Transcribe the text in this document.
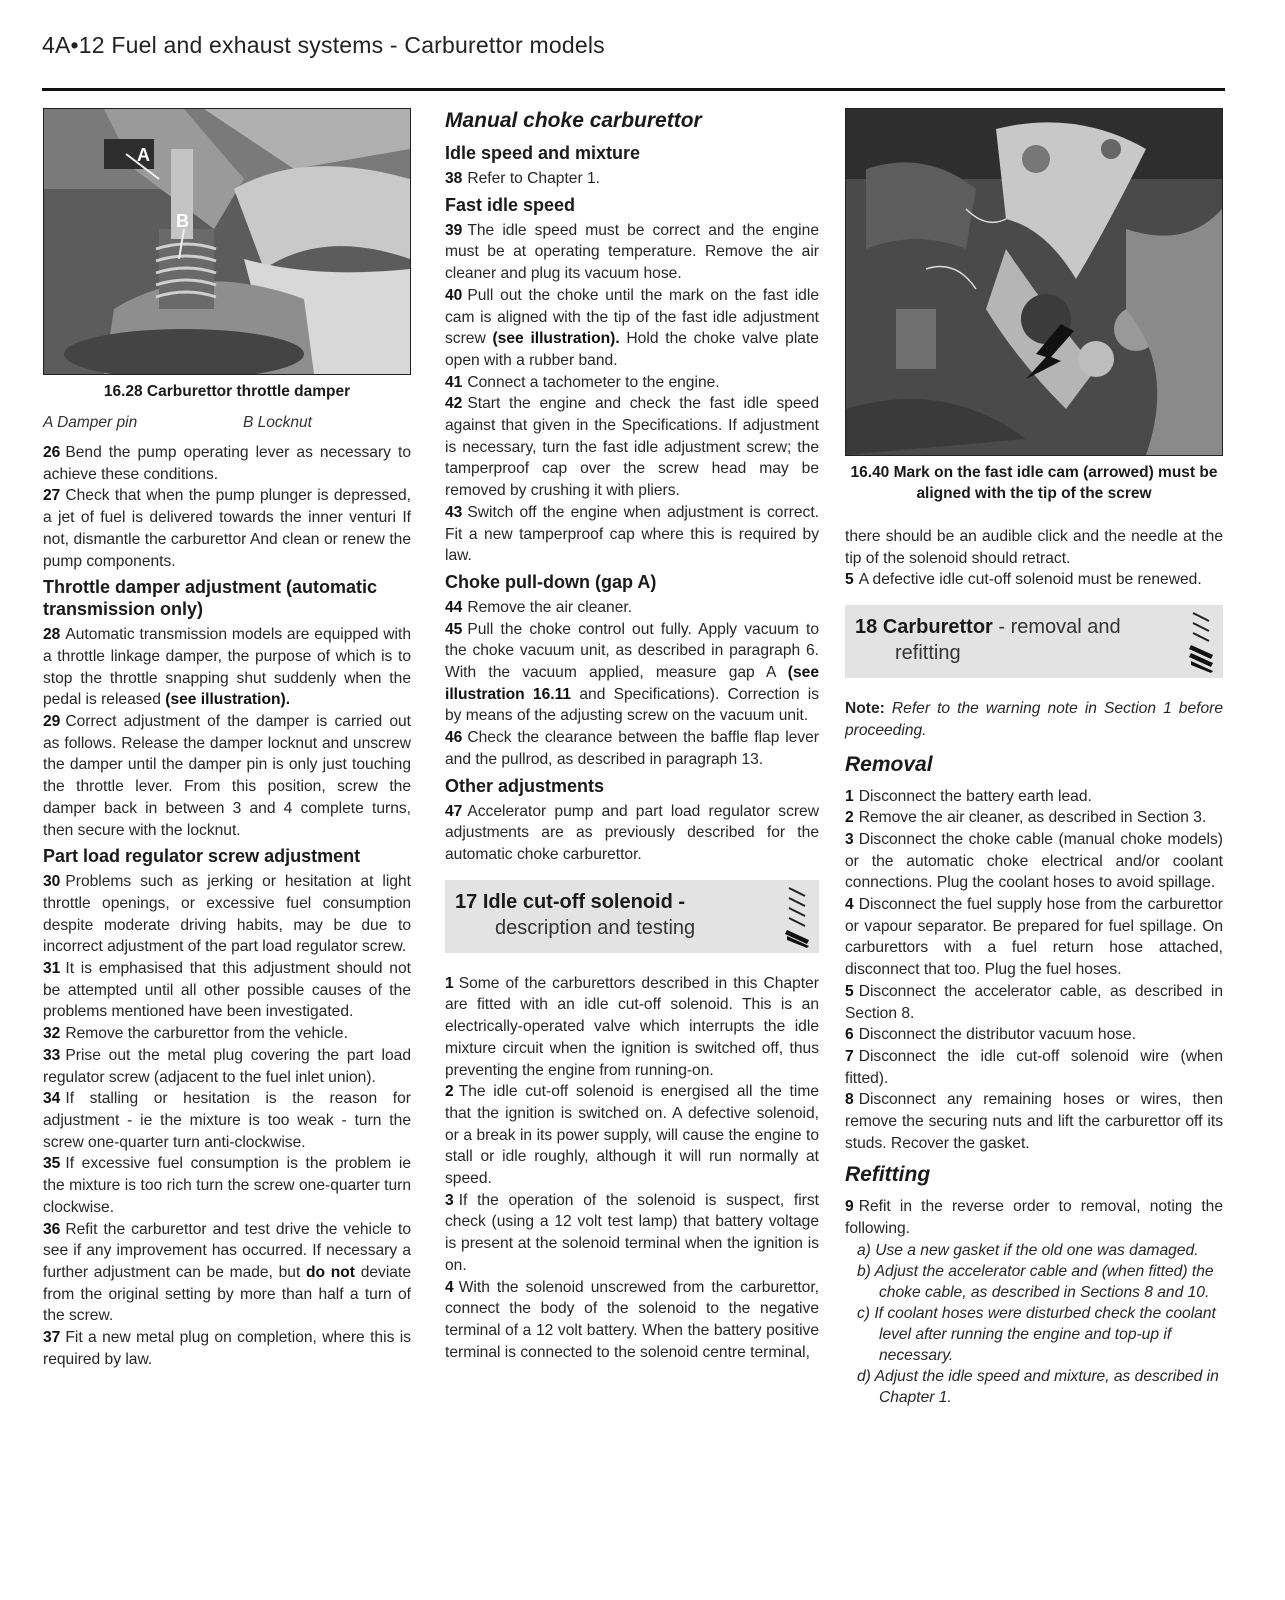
4A•12 Fuel and exhaust systems - Carburettor models
A
B
16.28 Carburettor throttle damper
A Damper pin	B Locknut

26 Bend the pump operating lever as necessary to achieve these conditions.

27 Check that when the pump plunger is depressed, a jet of fuel is delivered towards the inner venturi If not, dismantle the carburettor And clean or renew the pump components.

Throttle damper adjustment (automatic transmission only)

28 Automatic transmission models are equipped with a throttle linkage damper, the purpose of which is to stop the throttle snapping shut suddenly when the pedal is released (see illustration).

29 Correct adjustment of the damper is carried out as follows. Release the damper locknut and unscrew the damper until the damper pin is only just touching the throttle lever. From this position, screw the damper back in between 3 and 4 complete turns, then secure with the locknut.

Part load regulator screw adjustment

30 Problems such as jerking or hesitation at light throttle openings, or excessive fuel consumption despite moderate driving habits, may be due to incorrect adjustment of the part load regulator screw.

31 It is emphasised that this adjustment should not be attempted until all other possible causes of the problems mentioned have been investigated.

32 Remove the carburettor from the vehicle.

33 Prise out the metal plug covering the part load regulator screw (adjacent to the fuel inlet union).

34 If stalling or hesitation is the reason for adjustment - ie the mixture is too weak - turn the screw one-quarter turn anti-clockwise.

35 If excessive fuel consumption is the problem ie the mixture is too rich turn the screw one-quarter turn clockwise.

36 Refit the carburettor and test drive the vehicle to see if any improvement has occurred. If necessary a further adjustment can be made, but do not deviate from the original setting by more than half a turn of the screw.

37 Fit a new metal plug on completion, where this is required by law.

Manual choke carburettor
Idle speed and mixture

38 Refer to Chapter 1.

Fast idle speed

39 The idle speed must be correct and the engine must be at operating temperature. Remove the air cleaner and plug its vacuum hose.

40 Pull out the choke until the mark on the fast idle cam is aligned with the tip of the fast idle adjustment screw (see illustration). Hold the choke valve plate open with a rubber band.

41 Connect a tachometer to the engine.

42 Start the engine and check the fast idle speed against that given in the Specifications. If adjustment is necessary, turn the fast idle adjustment screw; the tamperproof cap over the screw head may be removed by crushing it with pliers.

43 Switch off the engine when adjustment is correct. Fit a new tamperproof cap where this is required by law.

Choke pull-down (gap A)

44 Remove the air cleaner.

45 Pull the choke control out fully. Apply vacuum to the choke vacuum unit, as described in paragraph 6. With the vacuum applied, measure gap A (see illustration 16.11 and Specifications). Correction is by means of the adjusting screw on the vacuum unit.

46 Check the clearance between the baffle flap lever and the pullrod, as described in paragraph 13.

Other adjustments

47 Accelerator pump and part load regulator screw adjustments are as previously described for the automatic choke carburettor.

17 Idle cut-off solenoid -
description and testing

1 Some of the carburettors described in this Chapter are fitted with an idle cut-off solenoid. This is an electrically-operated valve which interrupts the idle mixture circuit when the ignition is switched off, thus preventing the engine from running-on.

2 The idle cut-off solenoid is energised all the time that the ignition is switched on. A defective solenoid, or a break in its power supply, will cause the engine to stall or idle roughly, although it will run normally at speed.

3 If the operation of the solenoid is suspect, first check (using a 12 volt test lamp) that battery voltage is present at the solenoid terminal when the ignition is on.

4 With the solenoid unscrewed from the carburettor, connect the body of the solenoid to the negative terminal of a 12 volt battery. When the battery positive terminal is connected to the solenoid centre terminal,

16.40 Mark on the fast idle cam (arrowed) must be aligned with the tip of the screw

there should be an audible click and the needle at the tip of the solenoid should retract.

5 A defective idle cut-off solenoid must be renewed.

18 Carburettor - removal and
refitting

Note: Refer to the warning note in Section 1 before proceeding.

Removal

1 Disconnect the battery earth lead.

2 Remove the air cleaner, as described in Section 3.

3 Disconnect the choke cable (manual choke models) or the automatic choke electrical and/or coolant connections. Plug the coolant hoses to avoid spillage.

4 Disconnect the fuel supply hose from the carburettor or vapour separator. Be prepared for fuel spillage. On carburettors with a fuel return hose attached, disconnect that too. Plug the fuel hoses.

5 Disconnect the accelerator cable, as described in Section 8.

6 Disconnect the distributor vacuum hose.

7 Disconnect the idle cut-off solenoid wire (when fitted).

8 Disconnect any remaining hoses or wires, then remove the securing nuts and lift the carburettor off its studs. Recover the gasket.

Refitting

9 Refit in the reverse order to removal, noting the following.

a) Use a new gasket if the old one was damaged.

b) Adjust the accelerator cable and (when fitted) the choke cable, as described in Sections 8 and 10.

c) If coolant hoses were disturbed check the coolant level after running the engine and top-up if necessary.

d) Adjust the idle speed and mixture, as described in Chapter 1.
